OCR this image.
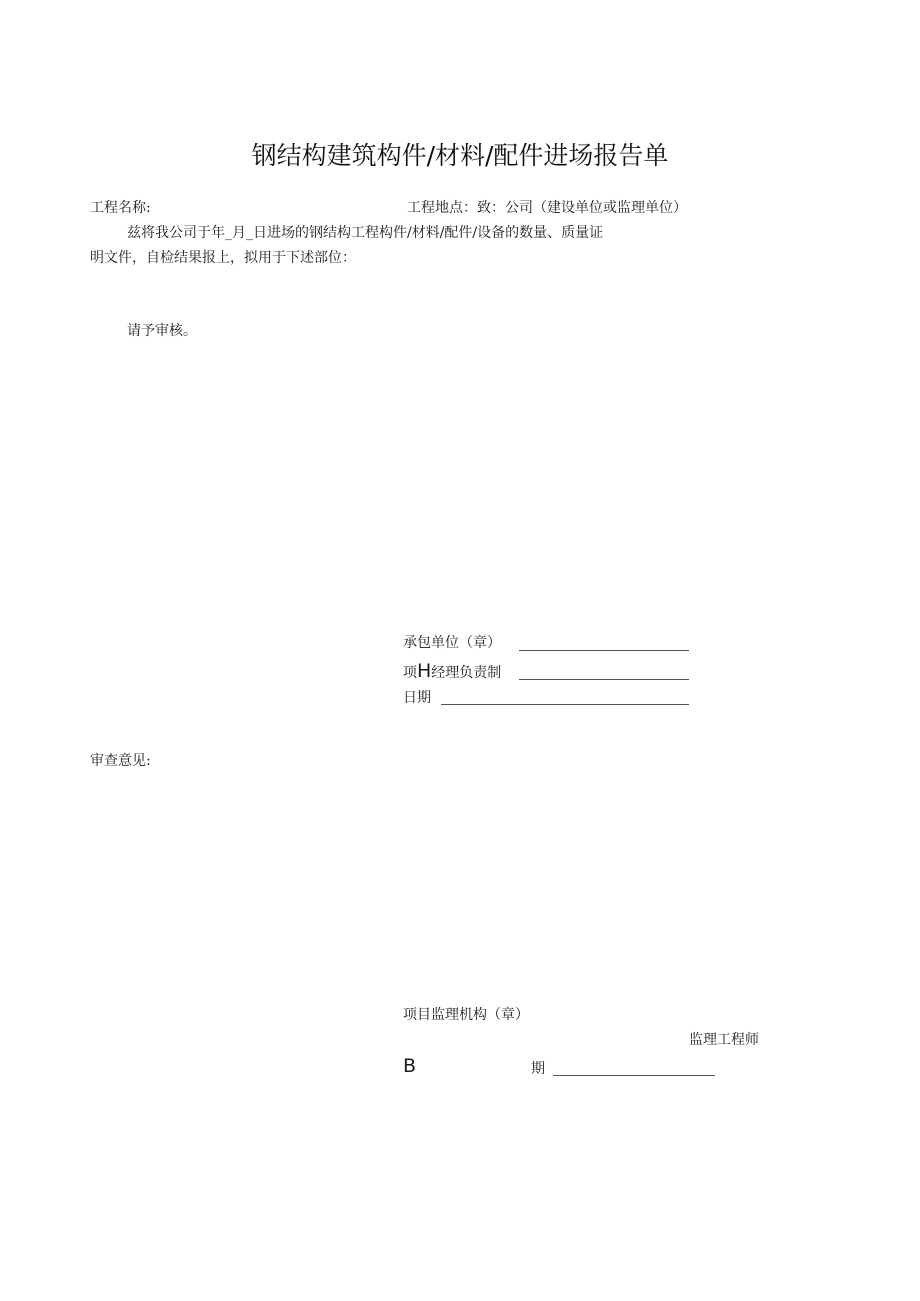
钢结构建筑构件/材料/配件进场报告单
工程名称:	工程地点：致：公司（建设单位或监理单位）
兹将我公司于年_月_日进场的钢结构工程构件/材料/配件/设备的数量、质量证
明文件，自检结果报上，拟用于下述部位：
请予审核。
承包单位（章）
项H经理负责制
日期
审查意见:
项目监理机构（章）
监理工程师
B	期
